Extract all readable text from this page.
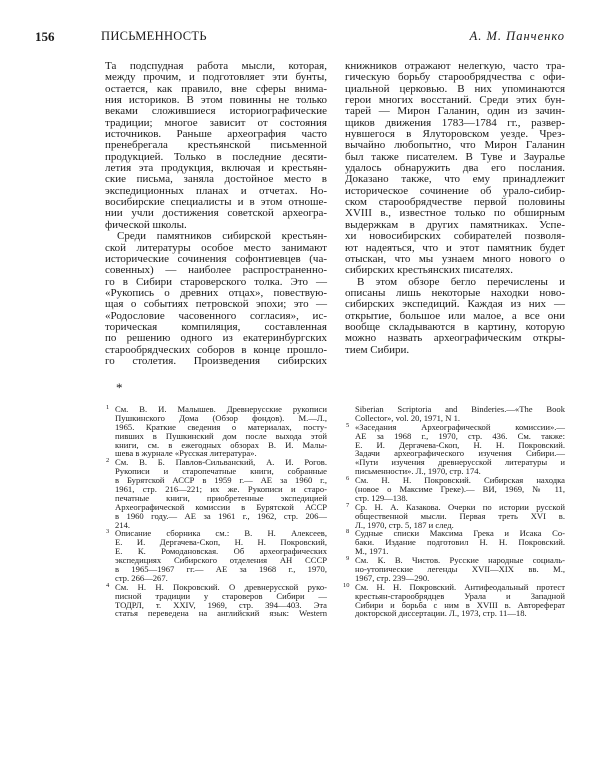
156	ПИСЬМЕННОСТЬ	А. М. Панченко
Та подспудная работа мысли, которая,
между прочим, и подготовляет эти бунты,
остается, как правило, вне сферы внима-
ния историков. В этом повинны не только
веками сложившиеся историографические
традиции; многое зависит от состояния
источников. Раньше археография часто
пренебрегала крестьянской письменной
продукцией. Только в последние десяти-
летия эта продукция, включая и крестьян-
ские письма, заняла достойное место в
экспедиционных планах и отчетах. Но-
восибирские специалисты и в этом отноше-
нии учли достижения советской археогра-
фической школы.
Среди памятников сибирской крестьян-
ской литературы особое место занимают
исторические сочинения софонтиевцев (ча-
совенных) — наиболее распространенно-
го в Сибири староверского толка. Это —
«Рукопись о древних отцах», повествую-
щая о событиях петровской эпохи; это —
«Родословие часовенного согласия», ис-
торическая компиляция, составленная
по решению одного из екатеринбургских
старообрядческих соборов в конце прошло-
го столетия. Произведения сибирских
книжников отражают нелегкую, часто тра-
гическую борьбу старообрядчества с офи-
циальной церковью. В них упоминаются
герои многих восстаний. Среди этих бун-
тарей — Мирон Галанин, один из зачин-
щиков движения 1783—1784 гг., развер-
нувшегося в Ялуторовском уезде. Чрез-
вычайно любопытно, что Мирон Галанин
был также писателем. В Туве и Зауралье
удалось обнаружить два его послания.
Доказано также, что ему принадлежит
историческое сочинение об урало-сибир-
ском старообрядчестве первой половины
XVIII в., известное только по обширным
выдержкам в других памятниках. Успе-
хи новосибирских собирателей позволя-
ют надеяться, что и этот памятник будет
отыскан, что мы узнаем много нового о
сибирских крестьянских писателях.
В этом обзоре бегло перечислены и
описаны лишь некоторые находки ново-
сибирских экспедиций. Каждая из них —
открытие, большое или малое, а все они
вообще складываются в картину, которую
можно назвать археографическим откры-
тием Сибири.
*
1 См. В. И. Малышев. Древнерусские рукописи
Пушкинского Дома (Обзор фондов). М.—Л.,
1965. Краткие сведения о материалах, посту-
пивших в Пушкинский дом после выхода этой
книги, см. в ежегодных обзорах В. И. Малы-
шева в журнале «Русская литература».
2 См. В. Б. Павлов-Сильванский, А. И. Рогов.
Рукописи и старопечатные книги, собранные
в Бурятской АССР в 1959 г.— АЕ за 1960 г.,
1961, стр. 216—221; их же. Рукописи и старо-
печатные книги, приобретенные экспедицией
Археографической комиссии в Бурятской АССР
в 1960 году.— АЕ за 1961 г., 1962, стр. 206—
214.
3 Описание сборника см.: В. Н. Алексеев,
Е. И. Дергачева-Скоп, Н. Н. Покровский,
Е. К. Ромодановская. Об археографических
экспедициях Сибирского отделения АН СССР
в 1965—1967 гг.— АЕ за 1968 г., 1970,
стр. 266—267.
4 См. Н. Н. Покровский. О древнерусской руко-
писной традиции у староверов Сибири —
ТОДРЛ, т. XXIV, 1969, стр. 394—403. Эта
статья переведена на английский язык: Western
Siberian Scriptoria and Binderies.—«The Book
Collector», vol. 20, 1971, N 1.
5 «Заседания Археографической комиссии».—
АЕ за 1968 г., 1970, стр. 436. См. также:
Е. И. Дергачева-Скоп, Н. Н. Покровский.
Задачи археографического изучения Сибири.—
«Пути изучения древнерусской литературы и
письменности». Л., 1970, стр. 174.
6 См. Н. Н. Покровский. Сибирская находка
(новое о Максиме Греке).— ВИ, 1969, № 11,
стр. 129—138.
7 Ср. Н. А. Казакова. Очерки по истории русской
общественной мысли. Первая треть XVI в.
Л., 1970, стр. 5, 187 и след.
8 Судные списки Максима Грека и Исака Со-
баки. Издание подготовил Н. Н. Покровский.
М., 1971.
9 См. К. В. Чистов. Русские народные социаль-
но-утопические легенды XVII—XIX вв. М.,
1967, стр. 239—290.
10 См. Н. Н. Покровский. Антифеодальный протест
крестьян-старообрядцев Урала и Западной
Сибири и борьба с ним в XVIII в. Автореферат
докторской диссертации. Л., 1973, стр. 11—18.
